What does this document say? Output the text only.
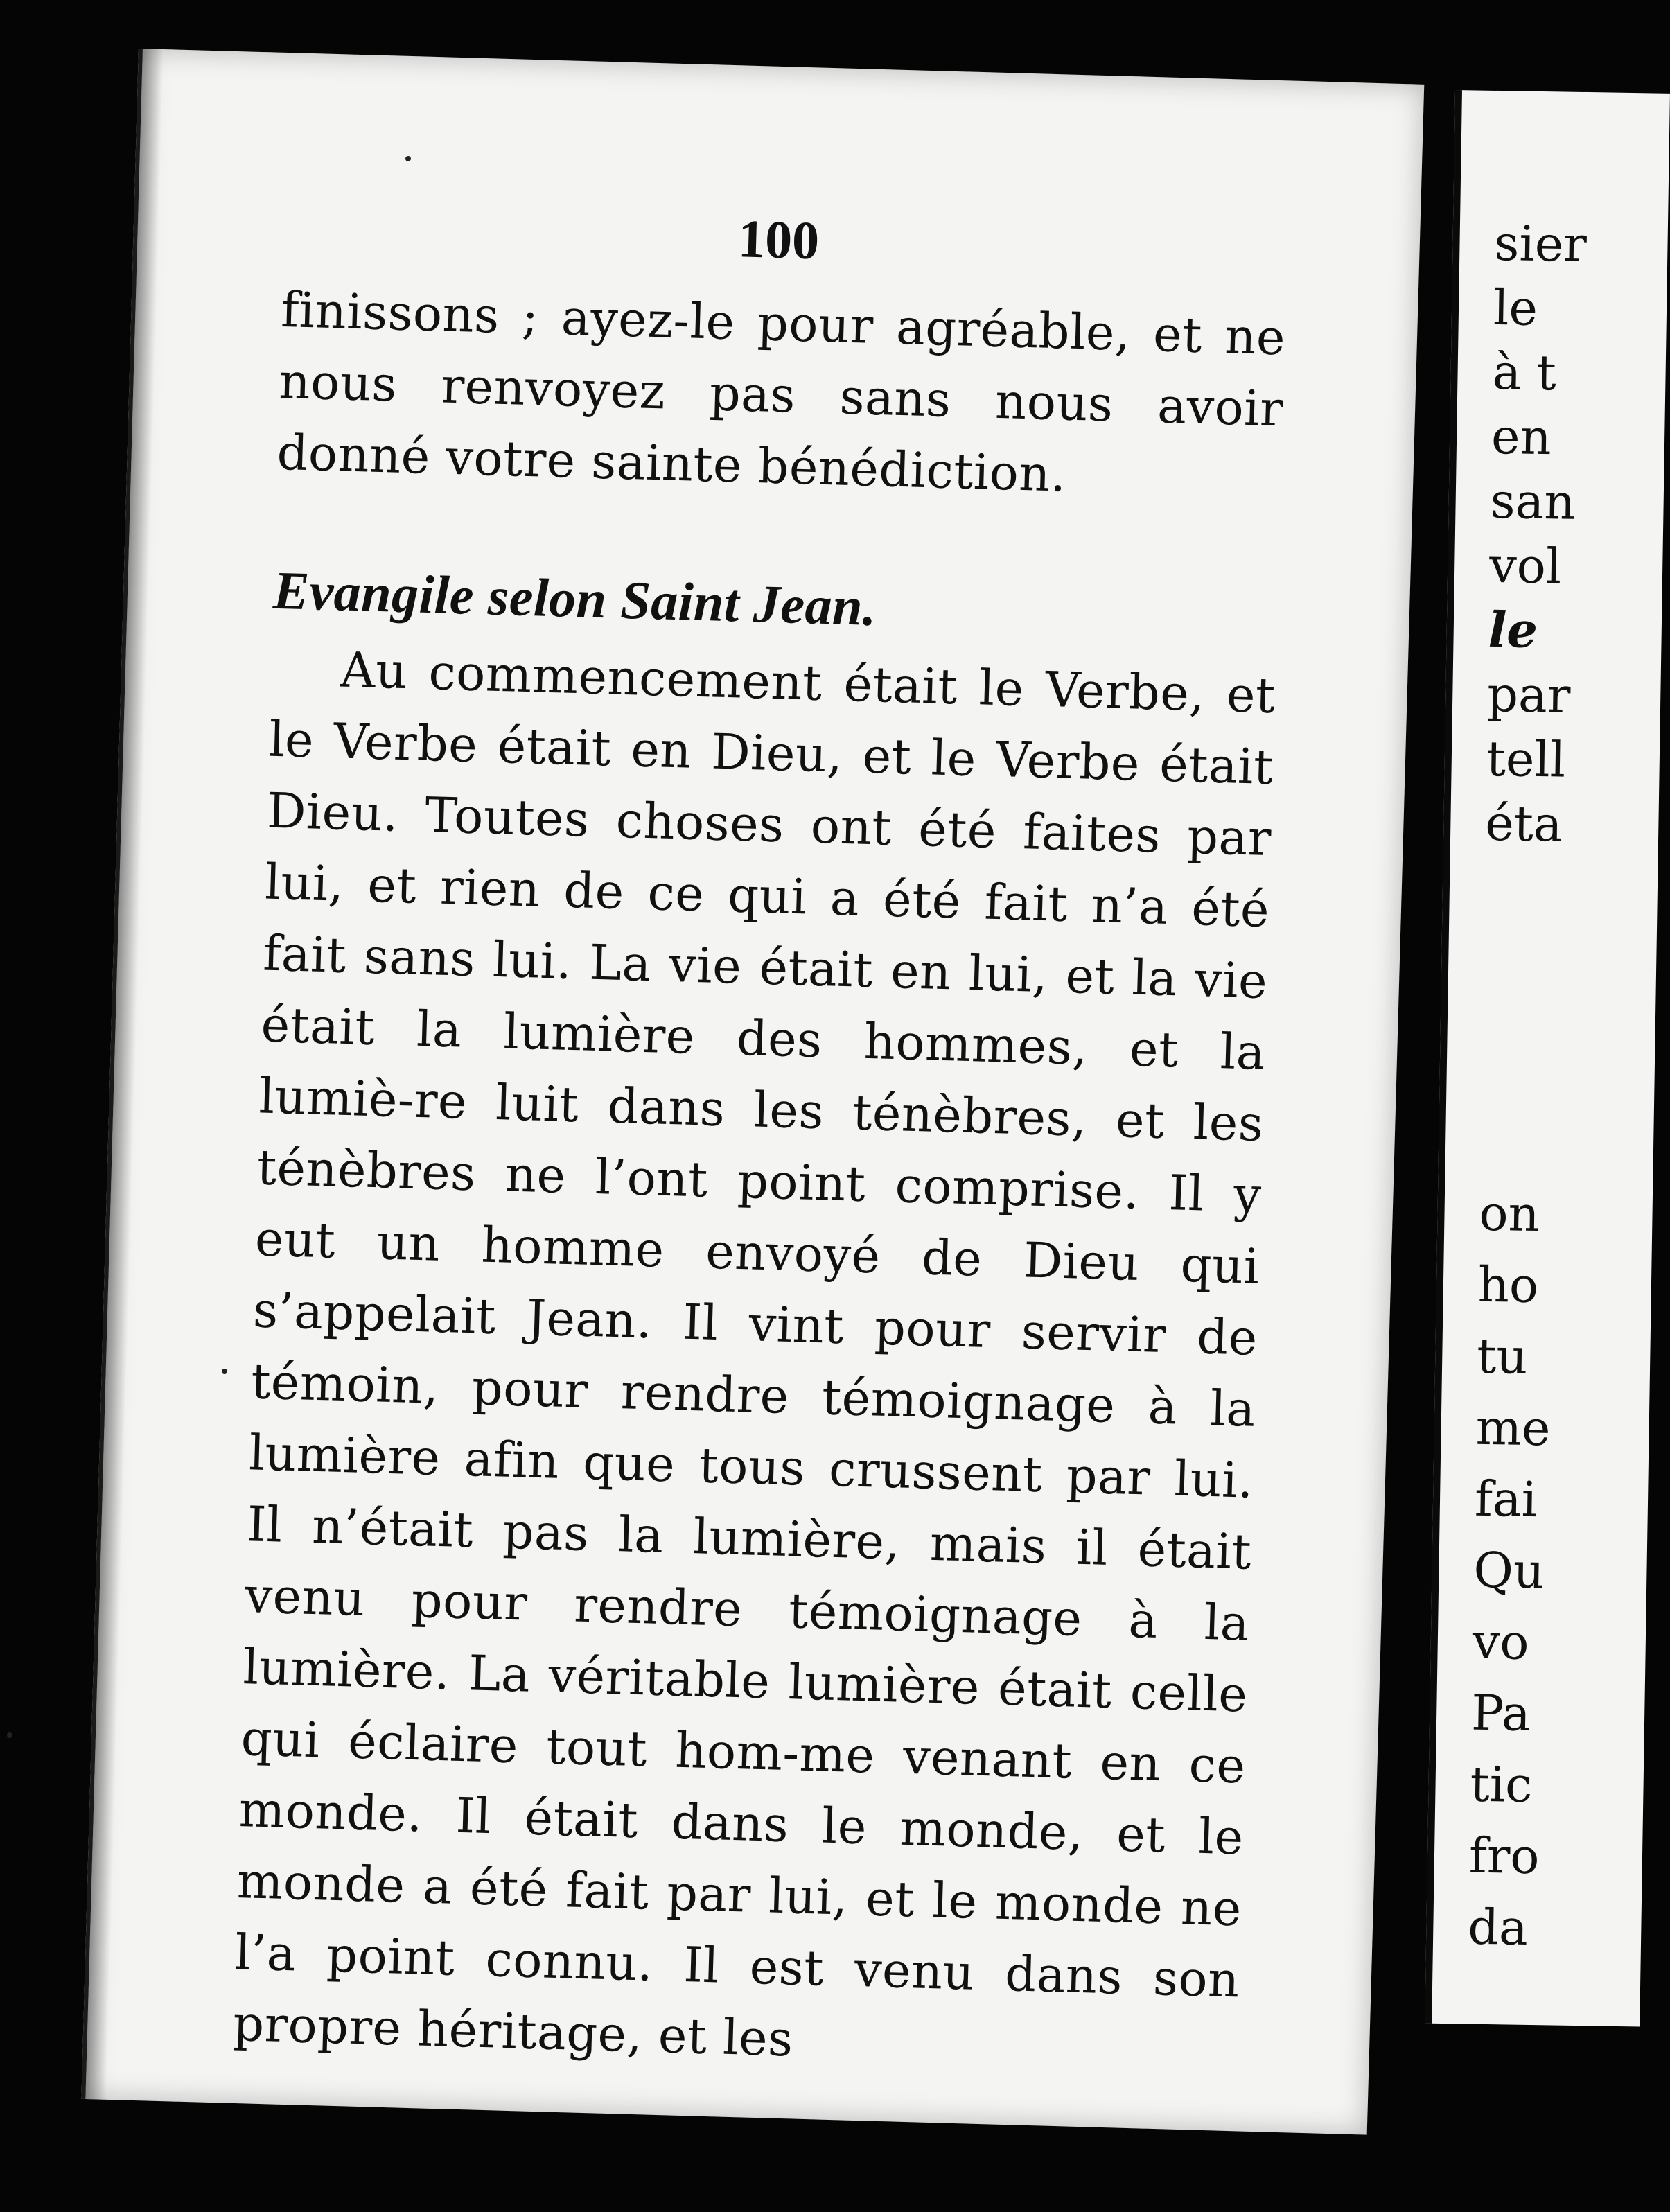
100

finissons ; ayez-le pour agréable, et ne nous renvoyez pas sans nous avoir donné votre sainte bénédiction.

Evangile selon Saint Jean.

Au commencement était le Verbe, et le Verbe était en Dieu, et le Verbe était Dieu. Toutes choses ont été faites par lui, et rien de ce qui a été fait n’a été fait sans lui. La vie était en lui, et la vie était la lumière des hommes, et la lumiè-re luit dans les ténèbres, et les ténèbres ne l’ont point comprise. Il y eut un homme envoyé de Dieu qui s’appelait Jean. Il vint pour servir de témoin, pour rendre témoignage à la lumière afin que tous crussent par lui. Il n’était pas la lumière, mais il était venu pour rendre témoignage à la lumière. La véritable lumière était celle qui éclaire tout hom-me venant en ce monde. Il était dans le monde, et le monde a été fait par lui, et le monde ne l’a point connu. Il est venu dans son propre héritage, et les

sier
le
à t
en
san
vol
le
par
tell
éta
on
ho
tu
me
fai
Qu
vo
Pa
tic
fro
da
